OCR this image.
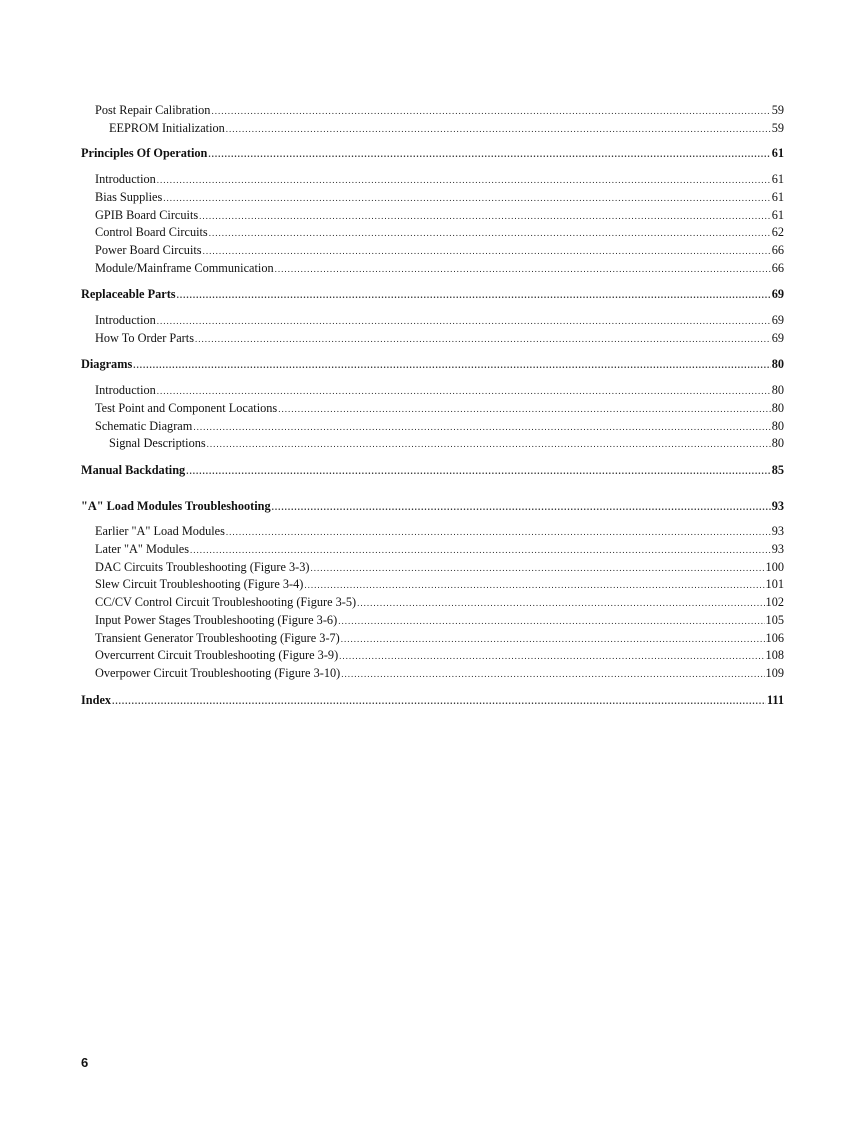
Post Repair Calibration .....	59
EEPROM Initialization .....	59
Principles Of Operation .....	61
Introduction .....	61
Bias Supplies .....	61
GPIB Board Circuits .....	61
Control Board Circuits .....	62
Power Board Circuits .....	66
Module/Mainframe Communication .....	66
Replaceable Parts .....	69
Introduction .....	69
How To Order Parts .....	69
Diagrams .....	80
Introduction .....	80
Test Point and Component Locations .....	80
Schematic Diagram .....	80
Signal Descriptions .....	80
Manual Backdating .....	85
"A" Load Modules Troubleshooting .....	93
Earlier "A" Load Modules .....	93
Later "A" Modules .....	93
DAC Circuits Troubleshooting (Figure 3-3) .....	100
Slew Circuit Troubleshooting (Figure 3-4) .....	101
CC/CV Control Circuit Troubleshooting (Figure 3-5) .....	102
Input Power Stages Troubleshooting (Figure 3-6) .....	105
Transient Generator Troubleshooting (Figure 3-7) .....	106
Overcurrent Circuit Troubleshooting (Figure 3-9) .....	108
Overpower Circuit Troubleshooting (Figure 3-10) .....	109
Index .....	111
6
